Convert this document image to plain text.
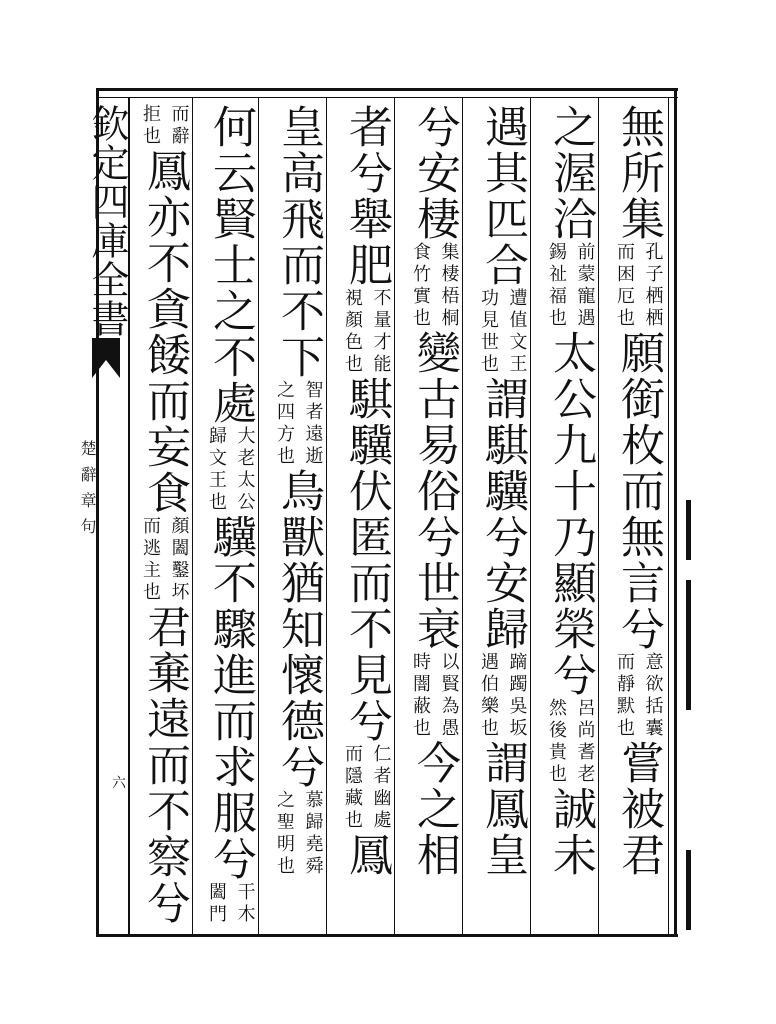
欽定四庫全書
楚辭章句
六
無所集
孔子栖栖
而困厄也
願銜枚而無言兮
意欲括囊
而靜默也
嘗被君
之渥洽
前蒙寵遇
錫祉福也
太公九十乃顯榮兮
呂尚耆老
然後貴也
誠未
遇其匹合
遭值文王
功見世也
謂騏驥兮安歸
蹢躅吳坂
遇伯樂也
謂鳳皇
兮安棲
集棲梧桐
食竹實也
變古易俗兮世衰
以賢為愚
時闇蔽也
今之相
者兮舉肥
不量才能
視顏色也
騏驥伏匿而不見兮
仁者幽處
而隱藏也
鳳
皇高飛而不下
智者遠逝
之四方也
鳥獸猶知懷德兮
慕歸堯舜
之聖明也
何云賢士之不處
大老太公
歸文王也
驥不驟進而求服兮
干木
闔門
而辭
拒也
鳳亦不貪餧而妄食
顏闔鑿坏
而逃主也
君棄遠而不察兮
